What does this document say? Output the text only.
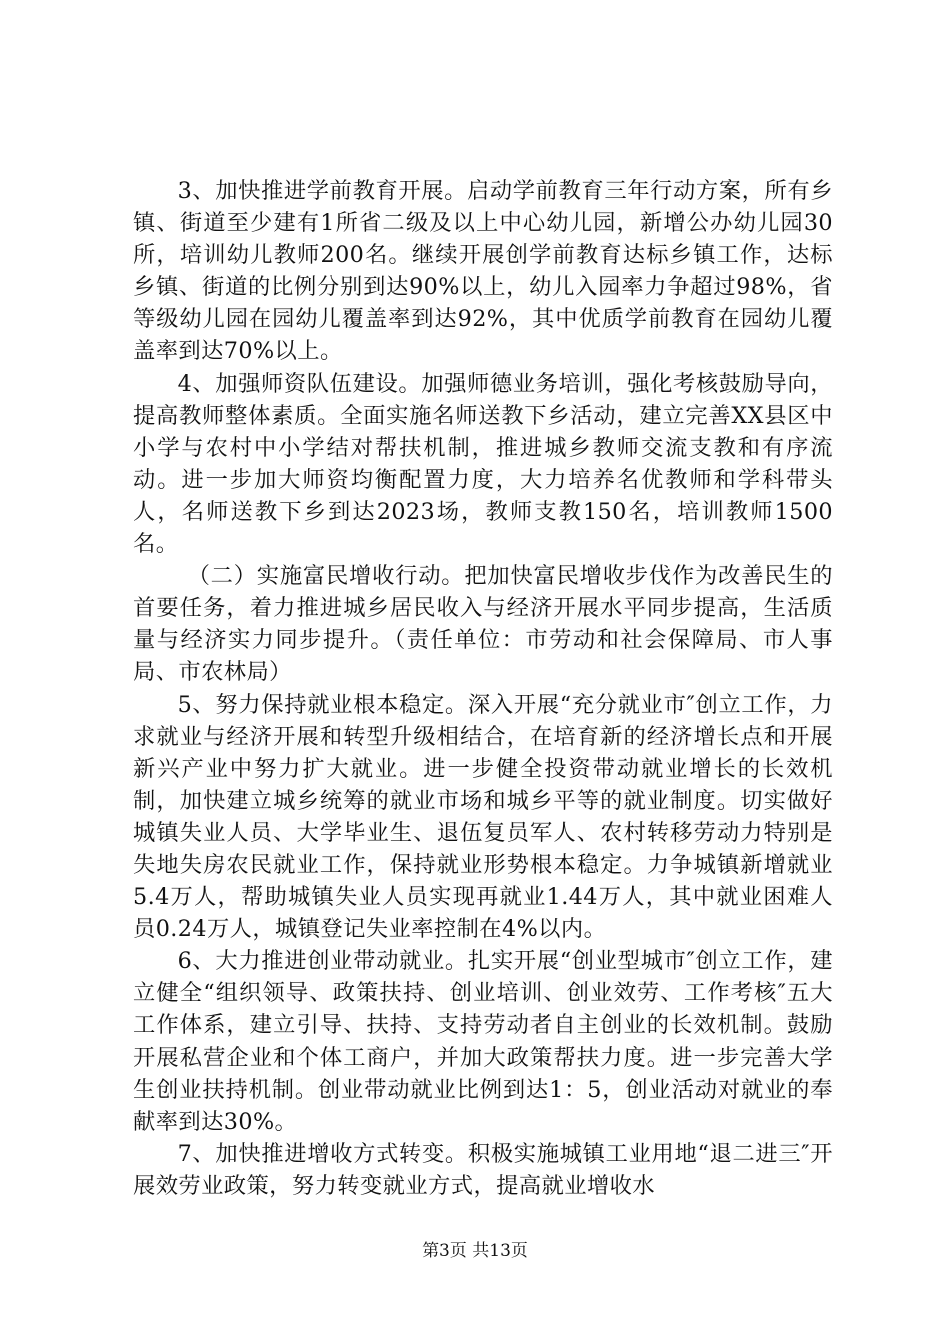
3、加快推进学前教育开展。启动学前教育三年行动方案，所有乡镇、街道至少建有1所省二级及以上中心幼儿园，新增公办幼儿园30所，培训幼儿教师200名。继续开展创学前教育达标乡镇工作，达标乡镇、街道的比例分别到达90%以上，幼儿入园率力争超过98%，省等级幼儿园在园幼儿覆盖率到达92%，其中优质学前教育在园幼儿覆盖率到达70%以上。

4、加强师资队伍建设。加强师德业务培训，强化考核鼓励导向，提高教师整体素质。全面实施名师送教下乡活动，建立完善XX县区中小学与农村中小学结对帮扶机制，推进城乡教师交流支教和有序流动。进一步加大师资均衡配置力度，大力培养名优教师和学科带头人，名师送教下乡到达2023场，教师支教150名，培训教师1500名。

（二）实施富民增收行动。把加快富民增收步伐作为改善民生的首要任务，着力推进城乡居民收入与经济开展水平同步提高，生活质量与经济实力同步提升。（责任单位：市劳动和社会保障局、市人事局、市农林局）

5、努力保持就业根本稳定。深入开展“充分就业市″创立工作，力求就业与经济开展和转型升级相结合，在培育新的经济增长点和开展新兴产业中努力扩大就业。进一步健全投资带动就业增长的长效机制，加快建立城乡统筹的就业市场和城乡平等的就业制度。切实做好城镇失业人员、大学毕业生、退伍复员军人、农村转移劳动力特别是失地失房农民就业工作，保持就业形势根本稳定。力争城镇新增就业5.4万人，帮助城镇失业人员实现再就业1.44万人，其中就业困难人员0.24万人，城镇登记失业率控制在4%以内。

6、大力推进创业带动就业。扎实开展“创业型城市″创立工作，建立健全“组织领导、政策扶持、创业培训、创业效劳、工作考核″五大工作体系，建立引导、扶持、支持劳动者自主创业的长效机制。鼓励开展私营企业和个体工商户，并加大政策帮扶力度。进一步完善大学生创业扶持机制。创业带动就业比例到达1：5，创业活动对就业的奉献率到达30%。

7、加快推进增收方式转变。积极实施城镇工业用地“退二进三″开展效劳业政策，努力转变就业方式，提高就业增收水

第3页 共13页
